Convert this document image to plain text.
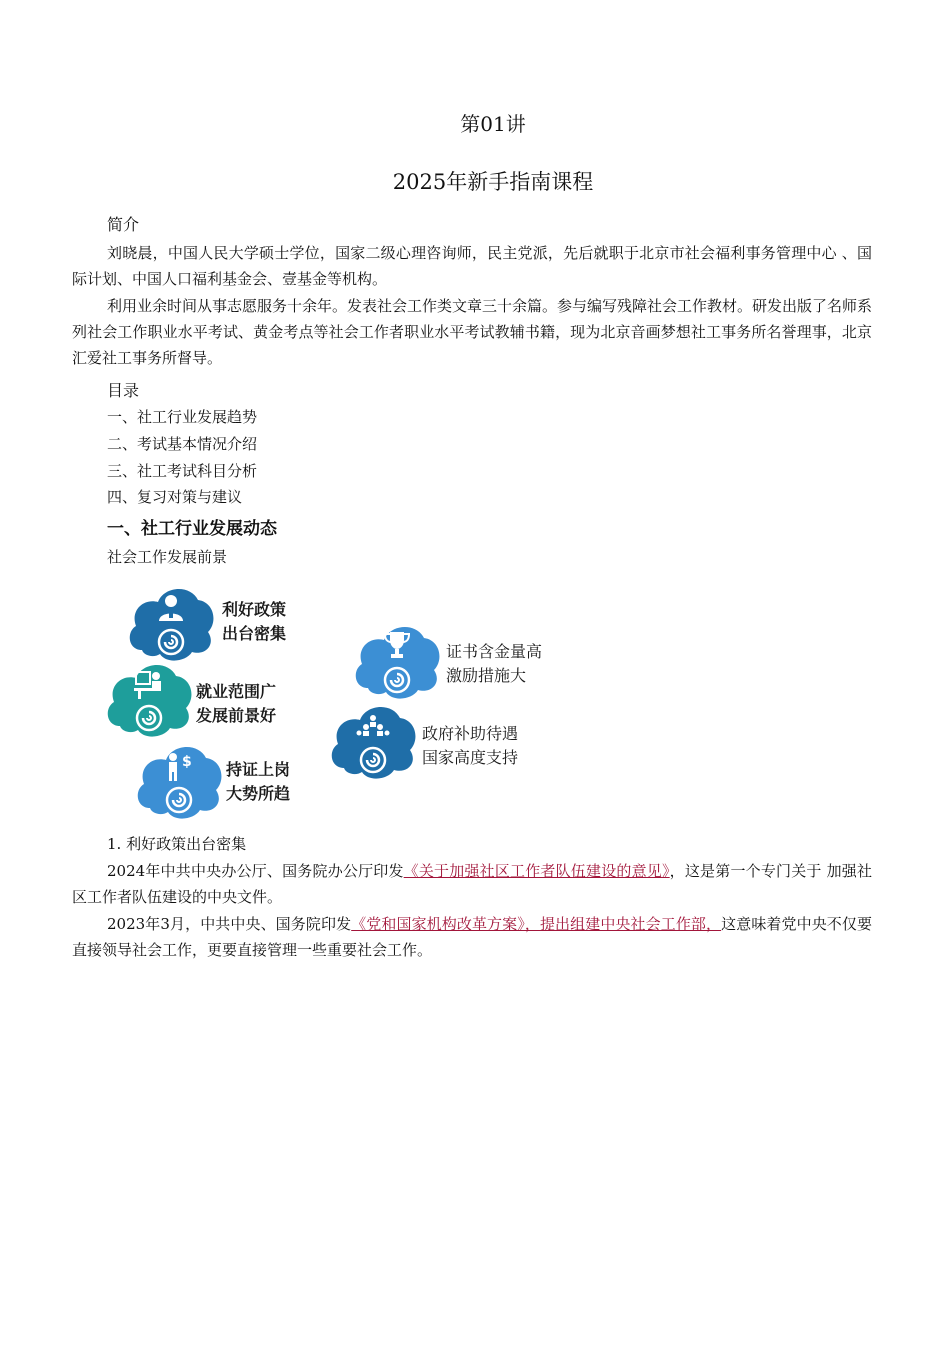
第01讲
2025年新手指南课程
简介
刘晓晨，中国人民大学硕士学位，国家二级心理咨询师，民主党派，先后就职于北京市社会福利事务管理中心 、国际计划、中国人口福利基金会、壹基金等机构。
利用业余时间从事志愿服务十余年。发表社会工作类文章三十余篇。参与编写残障社会工作教材。研发出版了名师系列社会工作职业水平考试、黄金考点等社会工作者职业水平考试教辅书籍，现为北京音画梦想社工事务所名誉理事，北京汇爱社工事务所督导。
目录
一、社工行业发展趋势
二、考试基本情况介绍
三、社工考试科目分析
四、复习对策与建议
一、社工行业发展动态
社会工作发展前景
利好政策
出台密集
就业范围广
发展前景好
$ 持证上岗
大势所趋
证书含金量高
激励措施大
政府补助待遇
国家高度支持
1. 利好政策出台密集
2024年中共中央办公厅、国务院办公厅印发《关于加强社区工作者队伍建设的意见》，这是第一个专门关于 加强社区工作者队伍建设的中央文件。
2023年3月，中共中央、国务院印发《党和国家机构改革方案》，提出组建中央社会工作部，这意味着党中央不仅要直接领导社会工作，更要直接管理一些重要社会工作。
